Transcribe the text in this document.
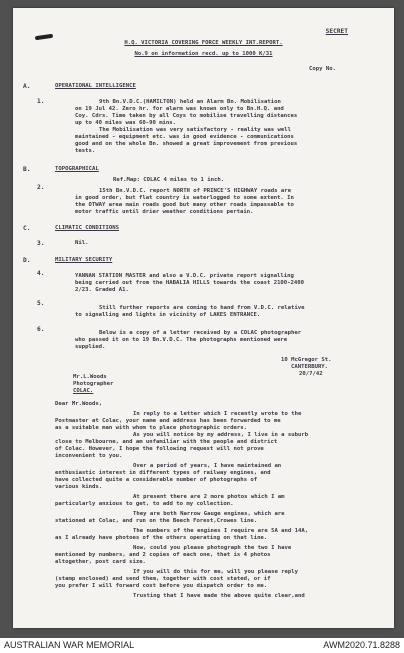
SECRET
H.Q. VICTORIA COVERING FORCE WEEKLY INT.REPORT.
No.9 on information recd. up to 1000 K/31
Copy No.
A.	OPERATIONAL INTELLIGENCE
1.	9th Bn.V.D.C.(HAMILTON) held an Alarm Bn. Mobilisation
on 19 Jul 42. Zero hr. for alarm was known only to Bn.H.Q. and
Coy. Cdrs. Time taken by all Coys to mobilise travelling distances
up to 40 miles was 60-90 mins.
The Mobilisation was very satisfactory - reality was well
maintained - equipment etc. was in good evidence - communications
good and on the whole Bn. showed a great improvement from previous
tests.
B.	TOPOGRAPHICAL
Ref.Map: COLAC 4 miles to 1 inch.
2.	15th Bn.V.D.C. report NORTH of PRINCE'S HIGHWAY roads are
in good order, but flat country is waterlogged to some extent. In
the OTWAY area main roads good but many other roads impassable to
motor traffic until drier weather conditions pertain.
C.	CLIMATIC CONDITIONS
3.	Nil.
D.	MILITARY SECURITY
4.	YANNAN STATION MASTER and also a V.D.C. private report signalling
being carried out from the HABALIA HILLS towards the coast 2100-2400
2/23. Graded A1.
5.
Still further reports are coming to hand from V.D.C. relative
to signalling and lights in vicinity of LAKES ENTRANCE.
6.	Below is a copy of a letter received by a COLAC photographer
who passed it on to 19 Bn.V.D.C. The photographs mentioned were
supplied.
10 McGregor St.
CANTERBURY.
20/7/42
Mr.L.Woods
Photographer
COLAC.
Dear Mr.Woods,
In reply to a letter which I recently wrote to the
Postmaster at Colac, your name and address has been forwarded to me
as a suitable man with whom to place photographic orders.
As you will notice by my address, I live in a suburb
close to Melbourne, and am unfamiliar with the people and district
of Colac. However, I hope the following request will not prove
inconvenient to you.
Over a period of years, I have maintained an
enthusiastic interest in different types of railway engines, and
have collected quite a considerable number of photographs of
various kinds.
At present there are 2 more photos which I am
particularly anxious to get, to add to my collection.
They are both Narrow Gauge engines, which are
stationed at Colac, and run on the Beech Forest,Crowes line.
The numbers of the engines I require are 5A and 14A,
as I already have photoes of the others operating on that line.
Now, could you please photograph the two I have
mentioned by numbers, and 2 copies of each one, that is 4 photos
altogether, post card size.
If you will do this for me, will you please reply
(stamp enclosed) and send them, together with cost stated, or if
you prefer I will forward cost before you dispatch order to me.
Trusting that I have made the above quite clear,and
AUSTRALIAN WAR MEMORIAL	AWM2020.71.8288
